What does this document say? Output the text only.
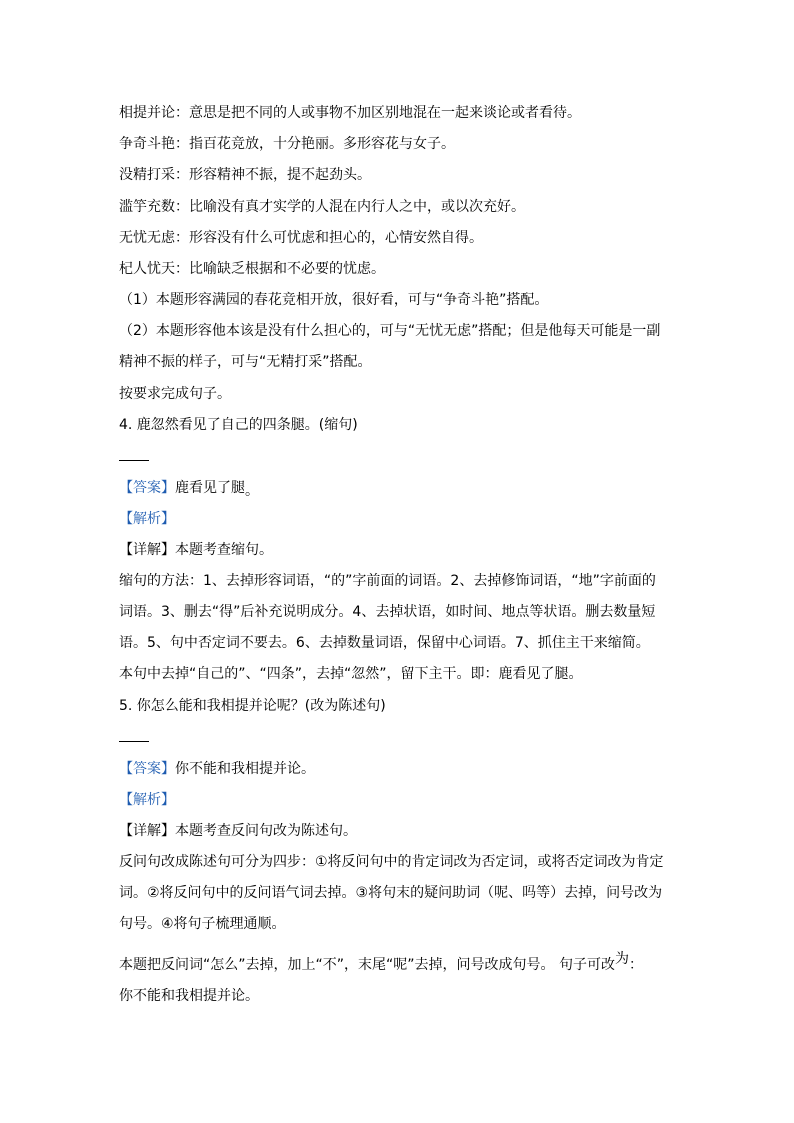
相提并论：意思是把不同的人或事物不加区别地混在一起来谈论或者看待。
争奇斗艳：指百花竞放，十分艳丽。多形容花与女子。
没精打采：形容精神不振，提不起劲头。
滥竽充数：比喻没有真才实学的人混在内行人之中，或以次充好。
无忧无虑：形容没有什么可忧虑和担心的，心情安然自得。
杞人忧天：比喻缺乏根据和不必要的忧虑。
（1）本题形容满园的春花竞相开放，很好看，可与“争奇斗艳”搭配。
（2）本题形容他本该是没有什么担心的，可与“无忧无虑”搭配；但是他每天可能是一副
精神不振的样子，可与“无精打采”搭配。
按要求完成句子。
4. 鹿忽然看见了自己的四条腿。(缩句)
【答案】鹿看见了腿。
【解析】
【详解】本题考查缩句。
缩句的方法：1、去掉形容词语，“的”字前面的词语。2、去掉修饰词语，“地”字前面的
词语。3、删去“得”后补充说明成分。4、去掉状语，如时间、地点等状语。删去数量短
语。5、句中否定词不要去。6、去掉数量词语，保留中心词语。7、抓住主干来缩简。
本句中去掉“自己的”、“四条”，去掉“忽然”，留下主干。即：鹿看见了腿。
5. 你怎么能和我相提并论呢？(改为陈述句)
【答案】你不能和我相提并论。
【解析】
【详解】本题考查反问句改为陈述句。
反问句改成陈述句可分为四步：①将反问句中的肯定词改为否定词，或将否定词改为肯定
词。②将反问句中的反问语气词去掉。③将句末的疑问助词（呢、吗等）去掉，问号改为
句号。④将句子梳理通顺。
本题把反问词“怎么”去掉，加上“不”，末尾“呢”去掉，问号改成句号。 句子可改为：
你不能和我相提并论。
